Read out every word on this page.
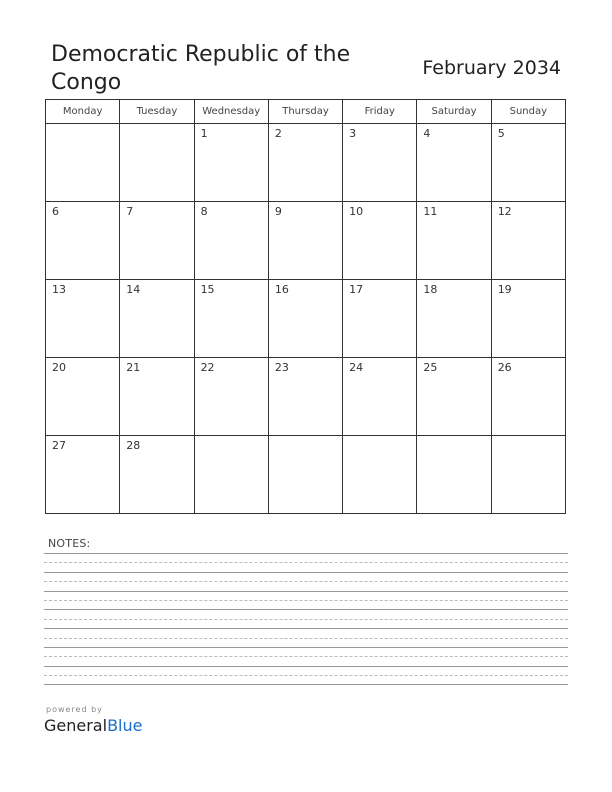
Democratic Republic of the Congo
February 2034
Monday	Tuesday	Wednesday	Thursday	Friday	Saturday	Sunday

		1	2	3	4	5

6	7	8	9	10	11	12

13	14	15	16	17	18	19

20	21	22	23	24	25	26

27	28					

NOTES:
powered by
GeneralBlue
